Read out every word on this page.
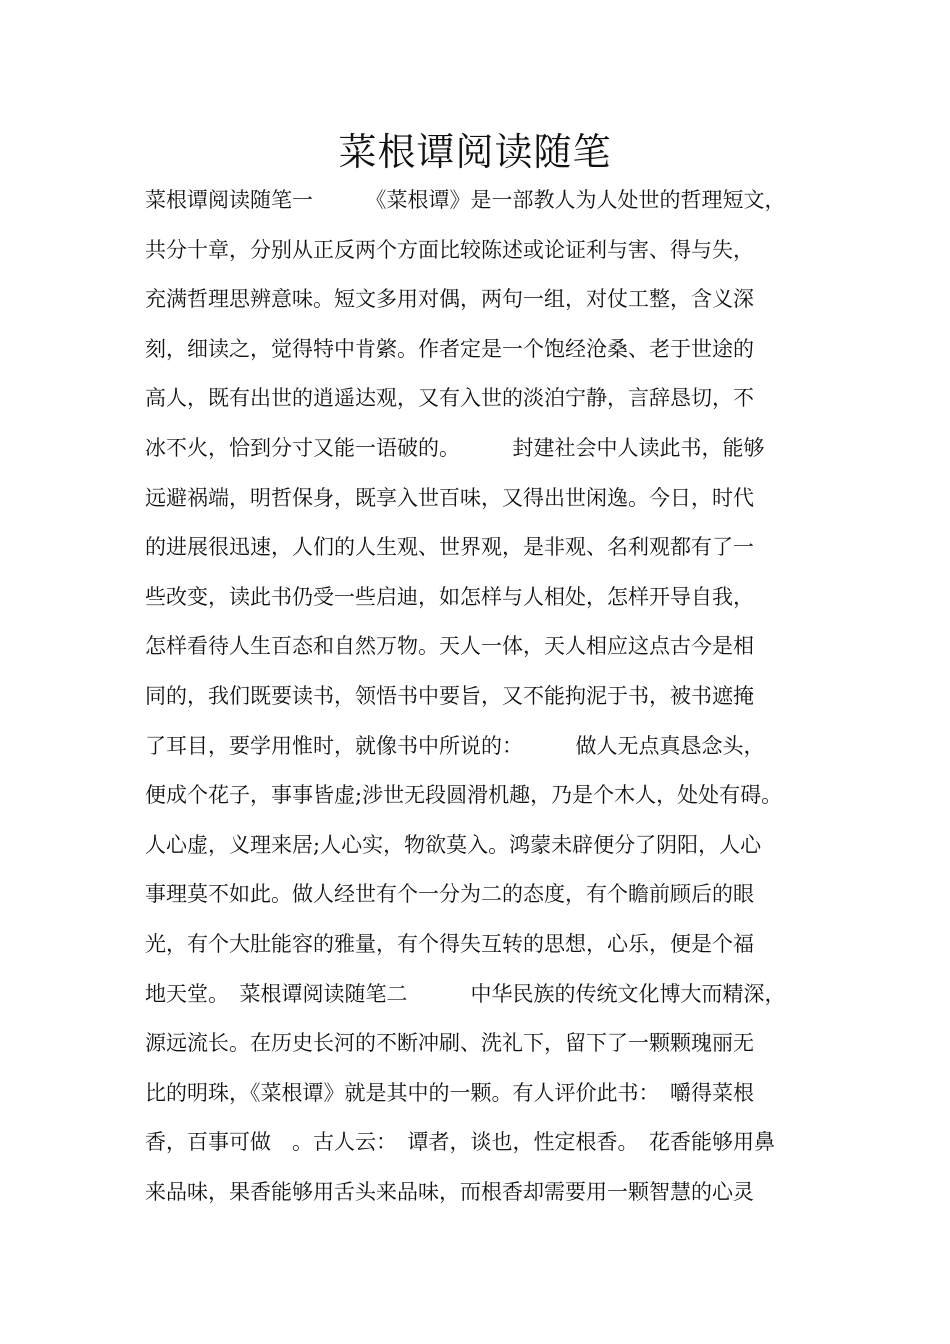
菜根谭阅读随笔
菜根谭阅读随笔一　　　《菜根谭》是一部教人为人处世的哲理短文，
共分十章，分别从正反两个方面比较陈述或论证利与害、得与失，
充满哲理思辨意味。短文多用对偶，两句一组，对仗工整，含义深
刻，细读之，觉得特中肯綮。作者定是一个饱经沧桑、老于世途的
高人，既有出世的逍遥达观，又有入世的淡泊宁静，言辞恳切，不
冰不火，恰到分寸又能一语破的。　　　封建社会中人读此书，能够
远避祸端，明哲保身，既享入世百味，又得出世闲逸。今日，时代
的进展很迅速，人们的人生观、世界观，是非观、名利观都有了一
些改变，读此书仍受一些启迪，如怎样与人相处，怎样开导自我，
怎样看待人生百态和自然万物。天人一体，天人相应这点古今是相
同的，我们既要读书，领悟书中要旨，又不能拘泥于书，被书遮掩
了耳目，要学用惟时，就像书中所说的：　　　做人无点真恳念头，
便成个花子，事事皆虚;涉世无段圆滑机趣，乃是个木人，处处有碍。
人心虚，义理来居;人心实，物欲莫入。鸿蒙未辟便分了阴阳，人心
事理莫不如此。做人经世有个一分为二的态度，有个瞻前顾后的眼
光，有个大肚能容的雅量，有个得失互转的思想，心乐，便是个福
地天堂。　菜根谭阅读随笔二　　　中华民族的传统文化博大而精深，
源远流长。在历史长河的不断冲刷、洗礼下，留下了一颗颗瑰丽无
比的明珠，《菜根谭》就是其中的一颗。有人评价此书：　嚼得菜根
香，百事可做　。古人云：　谭者，谈也，性定根香。　花香能够用鼻
来品味，果香能够用舌头来品味，而根香却需要用一颗智慧的心灵
